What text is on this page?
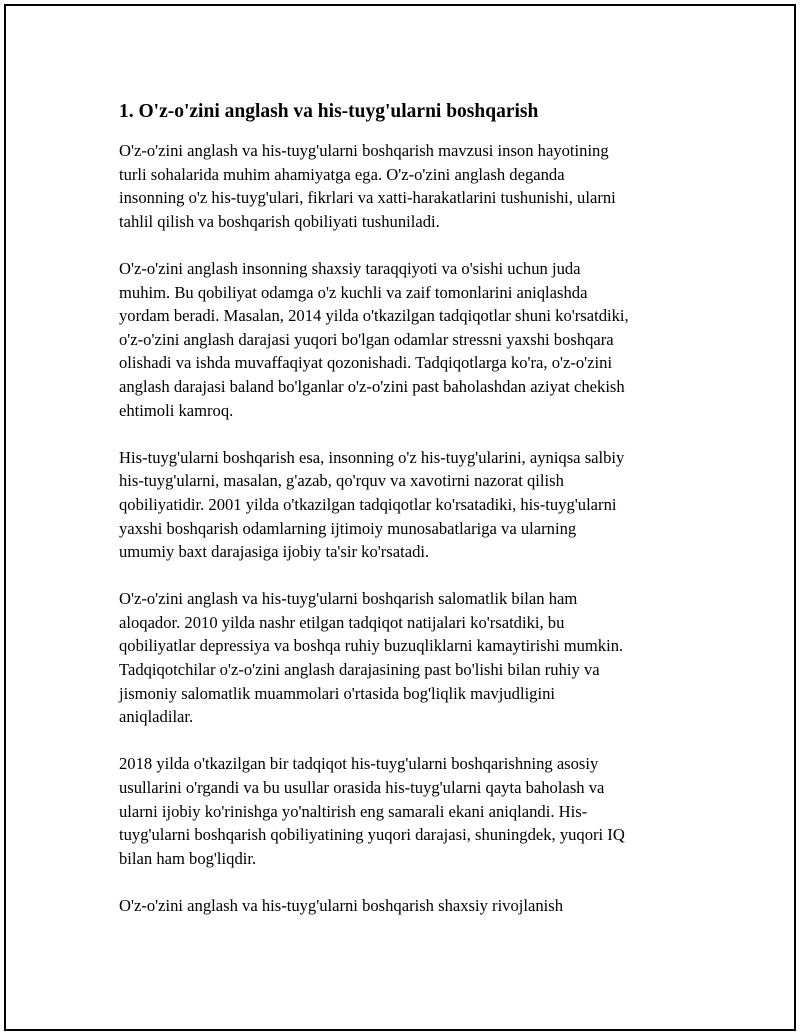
1. O'z-o'zini anglash va his-tuyg'ularni boshqarish

O'z-o'zini anglash va his-tuyg'ularni boshqarish mavzusi inson hayotining
turli sohalarida muhim ahamiyatga ega. O'z-o'zini anglash deganda
insonning o'z his-tuyg'ulari, fikrlari va xatti-harakatlarini tushunishi, ularni
tahlil qilish va boshqarish qobiliyati tushuniladi.

O'z-o'zini anglash insonning shaxsiy taraqqiyoti va o'sishi uchun juda
muhim. Bu qobiliyat odamga o'z kuchli va zaif tomonlarini aniqlashda
yordam beradi. Masalan, 2014 yilda o'tkazilgan tadqiqotlar shuni ko'rsatdiki,
o'z-o'zini anglash darajasi yuqori bo'lgan odamlar stressni yaxshi boshqara
olishadi va ishda muvaffaqiyat qozonishadi. Tadqiqotlarga ko'ra, o'z-o'zini
anglash darajasi baland bo'lganlar o'z-o'zini past baholashdan aziyat chekish
ehtimoli kamroq.

His-tuyg'ularni boshqarish esa, insonning o'z his-tuyg'ularini, ayniqsa salbiy
his-tuyg'ularni, masalan, g'azab, qo'rquv va xavotirni nazorat qilish
qobiliyatidir. 2001 yilda o'tkazilgan tadqiqotlar ko'rsatadiki, his-tuyg'ularni
yaxshi boshqarish odamlarning ijtimoiy munosabatlariga va ularning
umumiy baxt darajasiga ijobiy ta'sir ko'rsatadi.

O'z-o'zini anglash va his-tuyg'ularni boshqarish salomatlik bilan ham
aloqador. 2010 yilda nashr etilgan tadqiqot natijalari ko'rsatdiki, bu
qobiliyatlar depressiya va boshqa ruhiy buzuqliklarni kamaytirishi mumkin.
Tadqiqotchilar o'z-o'zini anglash darajasining past bo'lishi bilan ruhiy va
jismoniy salomatlik muammolari o'rtasida bog'liqlik mavjudligini
aniqladilar.

2018 yilda o'tkazilgan bir tadqiqot his-tuyg'ularni boshqarishning asosiy
usullarini o'rgandi va bu usullar orasida his-tuyg'ularni qayta baholash va
ularni ijobiy ko'rinishga yo'naltirish eng samarali ekani aniqlandi. His-
tuyg'ularni boshqarish qobiliyatining yuqori darajasi, shuningdek, yuqori IQ
bilan ham bog'liqdir.

O'z-o'zini anglash va his-tuyg'ularni boshqarish shaxsiy rivojlanish
